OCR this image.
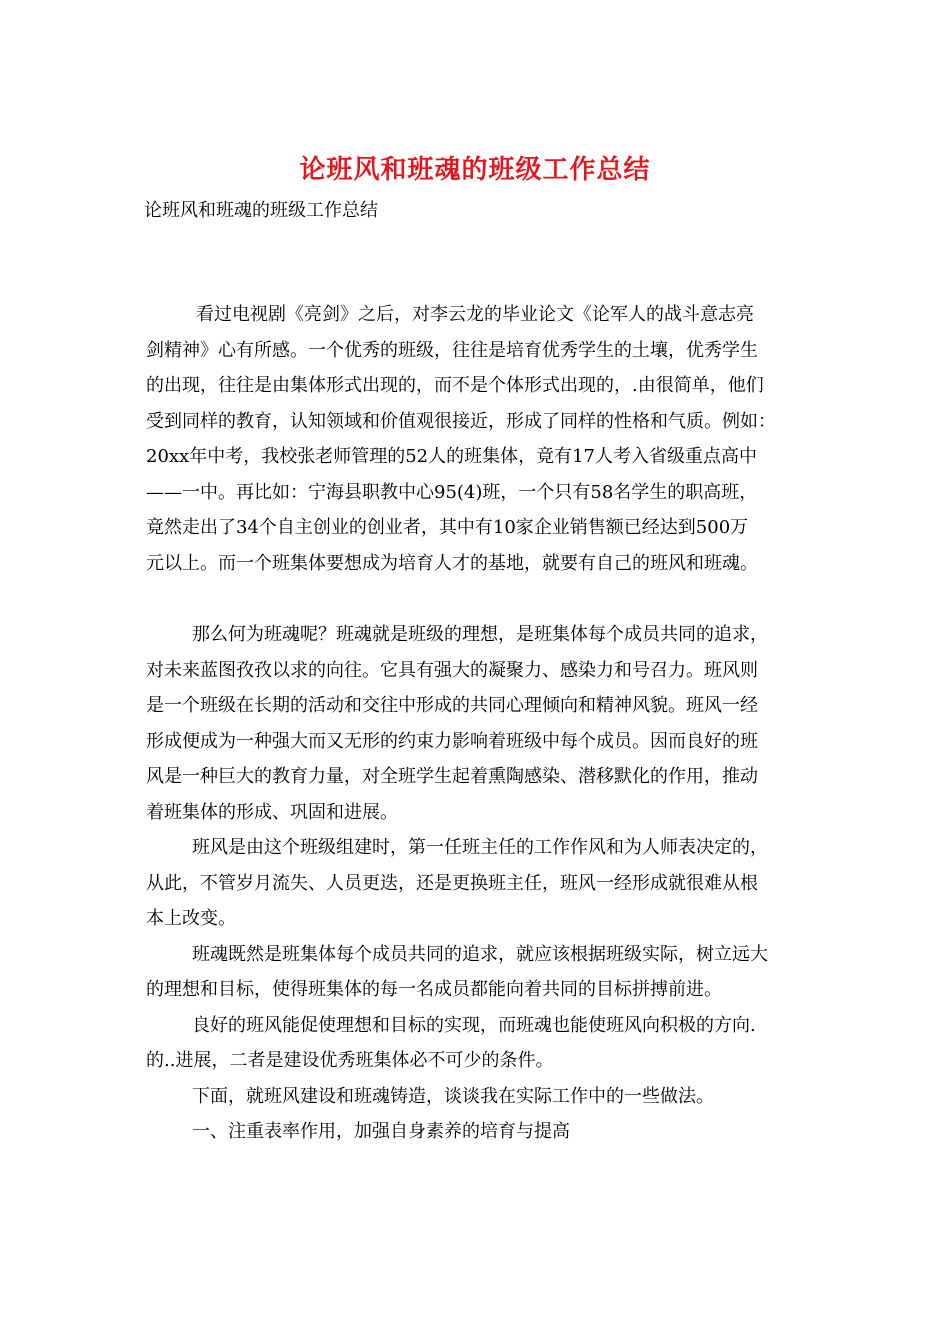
论班风和班魂的班级工作总结
论班风和班魂的班级工作总结
看过电视剧《亮剑》之后，对李云龙的毕业论文《论军人的战斗意志亮
剑精神》心有所感。一个优秀的班级，往往是培育优秀学生的土壤，优秀学生
的出现，往往是由集体形式出现的，而不是个体形式出现的，.由很简单，他们
受到同样的教育，认知领域和价值观很接近，形成了同样的性格和气质。例如：
20xx年中考，我校张老师管理的52人的班集体，竟有17人考入省级重点高中
——一中。再比如：宁海县职教中心95(4)班，一个只有58名学生的职高班，
竟然走出了34个自主创业的创业者，其中有10家企业销售额已经达到500万
元以上。而一个班集体要想成为培育人才的基地，就要有自己的班风和班魂。
那么何为班魂呢？班魂就是班级的理想，是班集体每个成员共同的追求，
对未来蓝图孜孜以求的向往。它具有强大的凝聚力、感染力和号召力。班风则
是一个班级在长期的活动和交往中形成的共同心理倾向和精神风貌。班风一经
形成便成为一种强大而又无形的约束力影响着班级中每个成员。因而良好的班
风是一种巨大的教育力量，对全班学生起着熏陶感染、潜移默化的作用，推动
着班集体的形成、巩固和进展。
班风是由这个班级组建时，第一任班主任的工作作风和为人师表决定的，
从此，不管岁月流失、人员更迭，还是更换班主任，班风一经形成就很难从根
本上改变。
班魂既然是班集体每个成员共同的追求，就应该根据班级实际，树立远大
的理想和目标，使得班集体的每一名成员都能向着共同的目标拼搏前进。
良好的班风能促使理想和目标的实现，而班魂也能使班风向积极的方向.
的..进展，二者是建设优秀班集体必不可少的条件。
下面，就班风建设和班魂铸造，谈谈我在实际工作中的一些做法。
一、注重表率作用，加强自身素养的培育与提高
